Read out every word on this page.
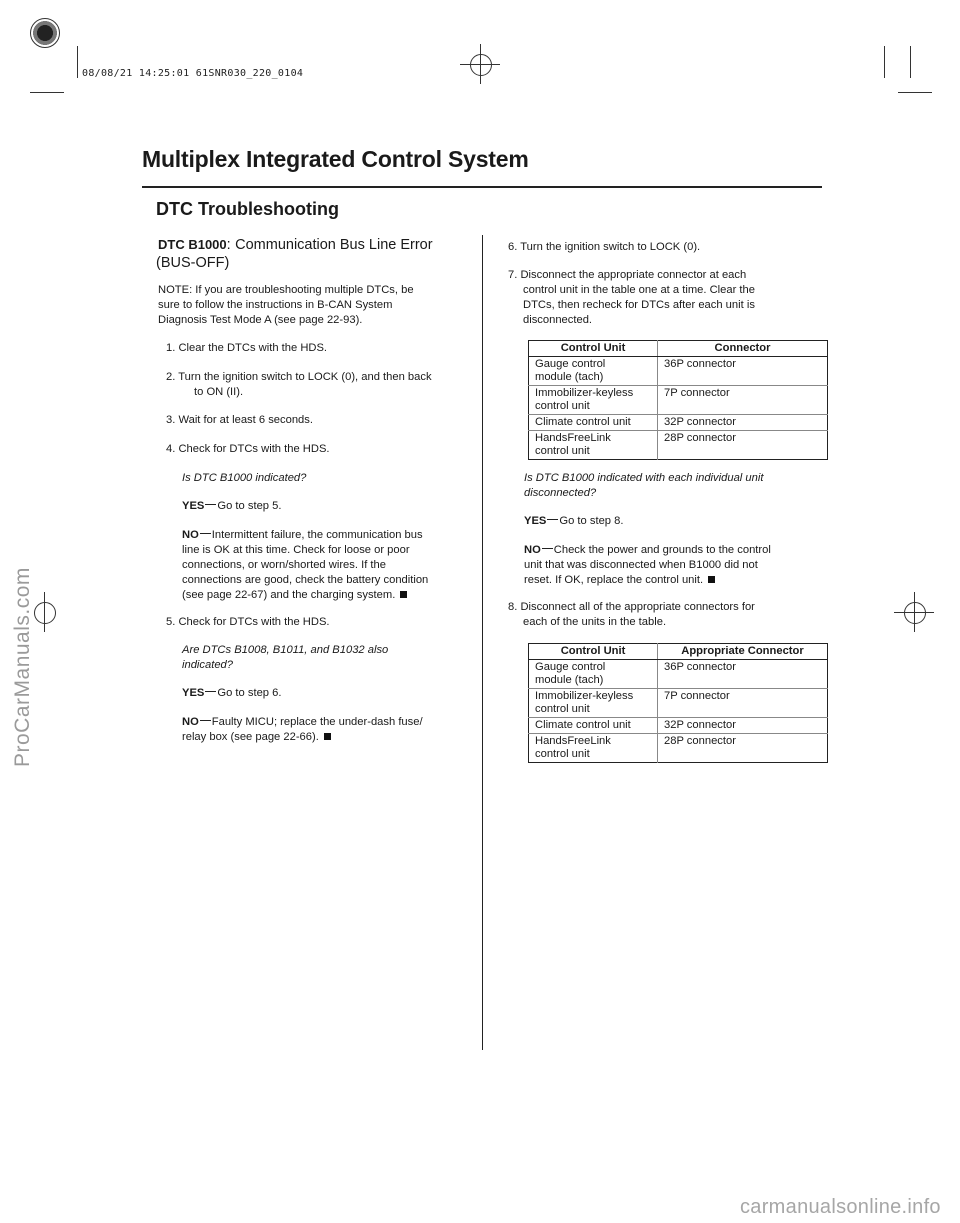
08/08/21 14:25:01 61SNR030_220_0104
Multiplex Integrated Control System
DTC Troubleshooting
DTC B1000: Communication Bus Line Error
(BUS-OFF)
NOTE: If you are troubleshooting multiple DTCs, be
sure to follow the instructions in B-CAN System
Diagnosis Test Mode A (see page 22-93).
1. Clear the DTCs with the HDS.
2. Turn the ignition switch to LOCK (0), and then back
to ON (II).
3. Wait for at least 6 seconds.
4. Check for DTCs with the HDS.
Is DTC B1000 indicated?
YES Go to step 5.
NO Intermittent failure, the communication bus
line is OK at this time. Check for loose or poor
connections, or worn/shorted wires. If the
connections are good, check the battery condition
(see page 22-67) and the charging system.
5. Check for DTCs with the HDS.
Are DTCs B1008, B1011, and B1032 also
indicated?
YES Go to step 6.
NO Faulty MICU; replace the under-dash fuse/
relay box (see page 22-66).
6. Turn the ignition switch to LOCK (0).
7. Disconnect the appropriate connector at each
control unit in the table one at a time. Clear the
DTCs, then recheck for DTCs after each unit is
disconnected.
Control Unit	Connector
Gauge control
module (tach)	36P connector
Immobilizer-keyless
control unit	7P connector
Climate control unit	32P connector
HandsFreeLink
control unit	28P connector
Is DTC B1000 indicated with each individual unit
disconnected?
YES Go to step 8.
NO Check the power and grounds to the control
unit that was disconnected when B1000 did not
reset. If OK, replace the control unit.
8. Disconnect all of the appropriate connectors for
each of the units in the table.
Control Unit	Appropriate Connector
Gauge control
module (tach)	36P connector
Immobilizer-keyless
control unit	7P connector
Climate control unit	32P connector
HandsFreeLink
control unit	28P connector
ProCarManuals.com
carmanualsonline.info
